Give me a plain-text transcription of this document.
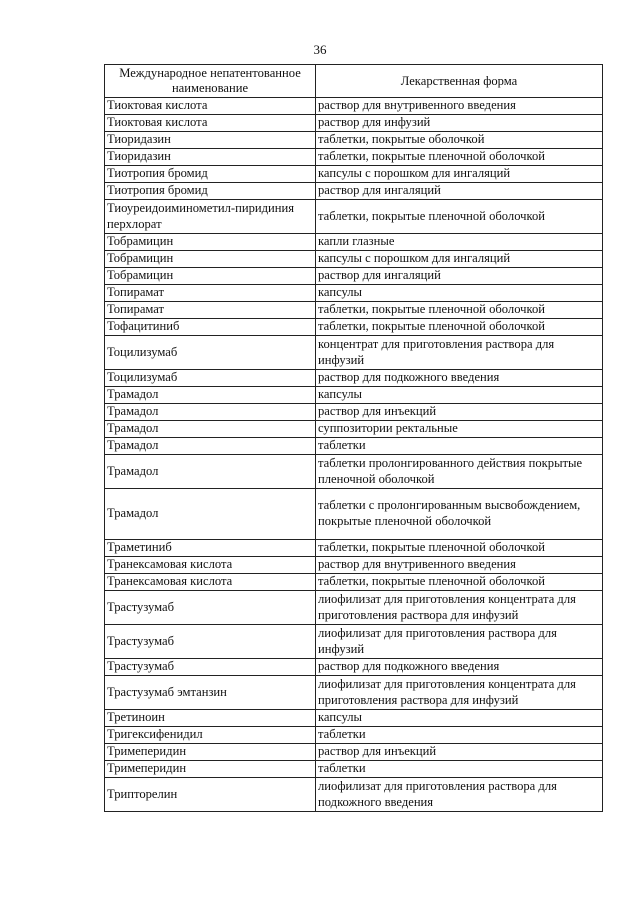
36
Международное непатентованное наименование	Лекарственная форма
Тиоктовая кислота	раствор для внутривенного введения
Тиоктовая кислота	раствор для инфузий
Тиоридазин	таблетки, покрытые оболочкой
Тиоридазин	таблетки, покрытые пленочной оболочкой
Тиотропия бромид	капсулы с порошком для ингаляций
Тиотропия бромид	раствор для ингаляций
Тиоуреидоиминометил-пиридиния перхлорат	таблетки, покрытые пленочной оболочкой
Тобрамицин	капли глазные
Тобрамицин	капсулы с порошком для ингаляций
Тобрамицин	раствор для ингаляций
Топирамат	капсулы
Топирамат	таблетки, покрытые пленочной оболочкой
Тофацитиниб	таблетки, покрытые пленочной оболочкой
Тоцилизумаб	концентрат для приготовления раствора для инфузий
Тоцилизумаб	раствор для подкожного введения
Трамадол	капсулы
Трамадол	раствор для инъекций
Трамадол	суппозитории ректальные
Трамадол	таблетки
Трамадол	таблетки пролонгированного действия покрытые пленочной оболочкой
Трамадол	таблетки с пролонгированным высвобождением, покрытые пленочной оболочкой
Траметиниб	таблетки, покрытые пленочной оболочкой
Транексамовая кислота	раствор для внутривенного введения
Транексамовая кислота	таблетки, покрытые пленочной оболочкой
Трастузумаб	лиофилизат для приготовления концентрата для приготовления раствора для инфузий
Трастузумаб	лиофилизат для приготовления раствора для инфузий
Трастузумаб	раствор для подкожного введения
Трастузумаб эмтанзин	лиофилизат для приготовления концентрата для приготовления раствора для инфузий
Третиноин	капсулы
Тригексифенидил	таблетки
Тримеперидин	раствор для инъекций
Тримеперидин	таблетки
Трипторелин	лиофилизат для приготовления раствора для подкожного введения
